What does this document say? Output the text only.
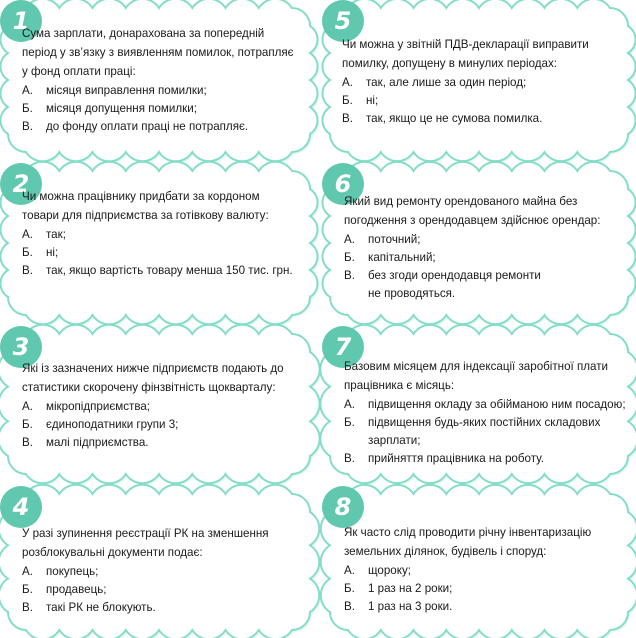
1
Сума зарплати, донарахована за попередній
період у зв’язку з виявленням помилок, потрапляє
у фонд оплати праці:
А.	місяця виправлення помилки;
Б.	місяця допущення помилки;
В.	до фонду оплати праці не потрапляє.
2
Чи можна працівнику придбати за кордоном
товари для підприємства за готівкову валюту:
А.	так;
Б.	ні;
В.	так, якщо вартість товару менша 150 тис. грн.
3
Які із зазначених нижче підприємств подають до
статистики скорочену фінзвітність щокварталу:
А.	мікропідприємства;
Б.	єдиноподатники групи 3;
В.	малі підприємства.
4
У разі зупинення реєстрації РК на зменшення
розблокувальні документи подає:
А.	покупець;
Б.	продавець;
В.	такі РК не блокують.
5
Чи можна у звітній ПДВ-декларації виправити
помилку, допущену в минулих періодах:
А.	так, але лише за один період;
Б.	ні;
В.	так, якщо це не сумова помилка.
6
Який вид ремонту орендованого майна без
погодження з орендодавцем здійснює орендар:
А.	поточний;
Б.	капітальний;
В.	без згоди орендодавця ремонти
не проводяться.
7
Базовим місяцем для індексації заробітної плати
працівника є місяць:
А.	підвищення окладу за обійманою ним посадою;
Б.	підвищення будь-яких постійних складових
зарплати;
В.	прийняття працівника на роботу.
8
Як часто слід проводити річну інвентаризацію
земельних ділянок, будівель і споруд:
А.	щороку;
Б.	1 раз на 2 роки;
В.	1 раз на 3 роки.
